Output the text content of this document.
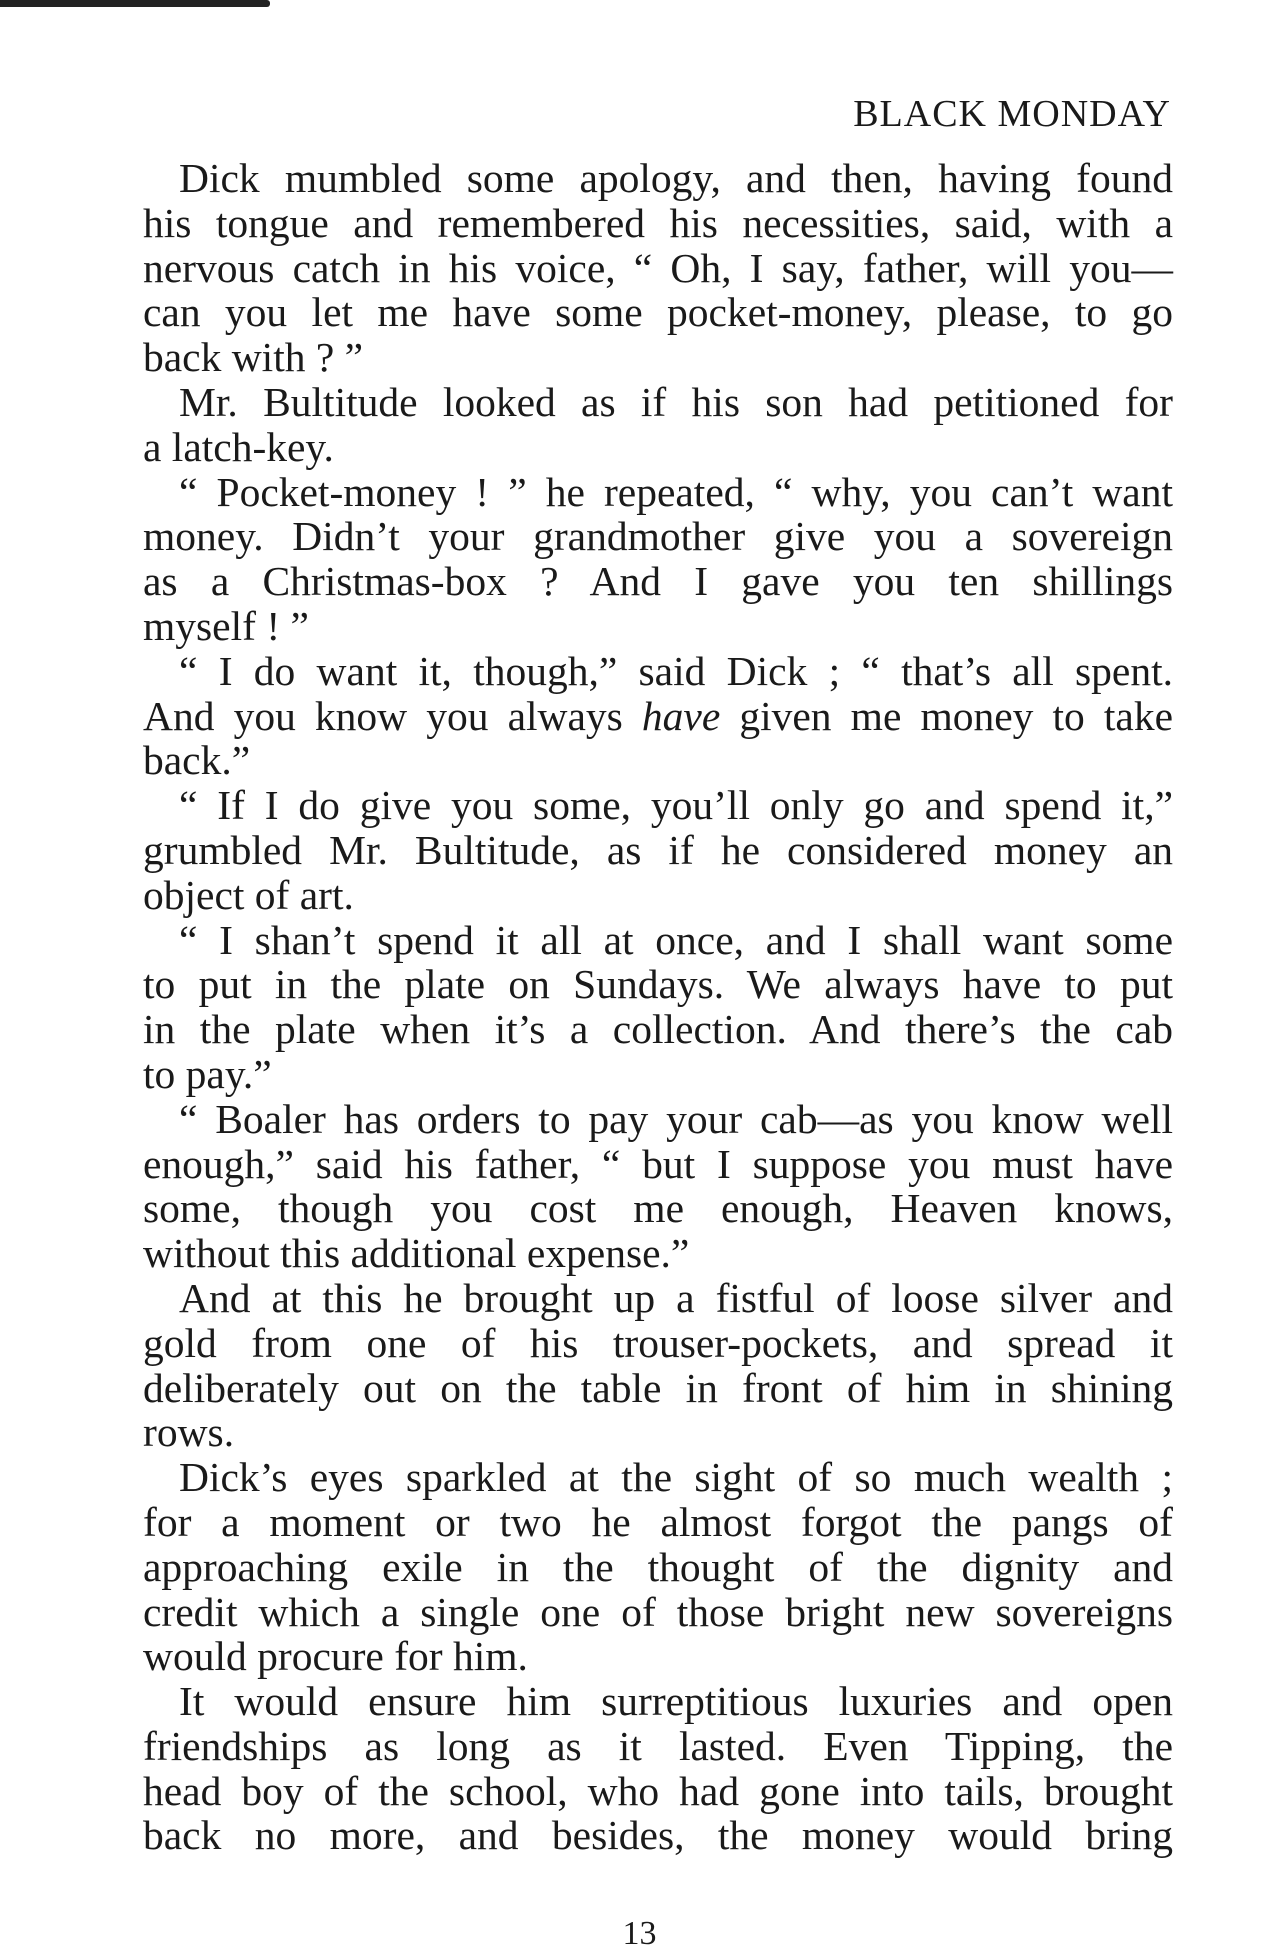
BLACK MONDAY
Dick mumbled some apology, and then, having found
his tongue and remembered his necessities, said, with a
nervous catch in his voice, “ Oh, I say, father, will you—
can you let me have some pocket-money, please, to go
back with ? ”
Mr. Bultitude looked as if his son had petitioned for
a latch-key.
“ Pocket-money ! ” he repeated, “ why, you can’t want
money. Didn’t your grandmother give you a sovereign
as a Christmas-box ? And I gave you ten shillings
myself ! ”
“ I do want it, though,” said Dick ; “ that’s all spent.
And you know you always have given me money to take
back.”
“ If I do give you some, you’ll only go and spend it,”
grumbled Mr. Bultitude, as if he considered money an
object of art.
“ I shan’t spend it all at once, and I shall want some
to put in the plate on Sundays. We always have to put
in the plate when it’s a collection. And there’s the cab
to pay.”
“ Boaler has orders to pay your cab—as you know well
enough,” said his father, “ but I suppose you must have
some, though you cost me enough, Heaven knows,
without this additional expense.”
And at this he brought up a fistful of loose silver and
gold from one of his trouser-pockets, and spread it
deliberately out on the table in front of him in shining
rows.
Dick’s eyes sparkled at the sight of so much wealth ;
for a moment or two he almost forgot the pangs of
approaching exile in the thought of the dignity and
credit which a single one of those bright new sovereigns
would procure for him.
It would ensure him surreptitious luxuries and open
friendships as long as it lasted. Even Tipping, the
head boy of the school, who had gone into tails, brought
back no more, and besides, the money would bring
13
